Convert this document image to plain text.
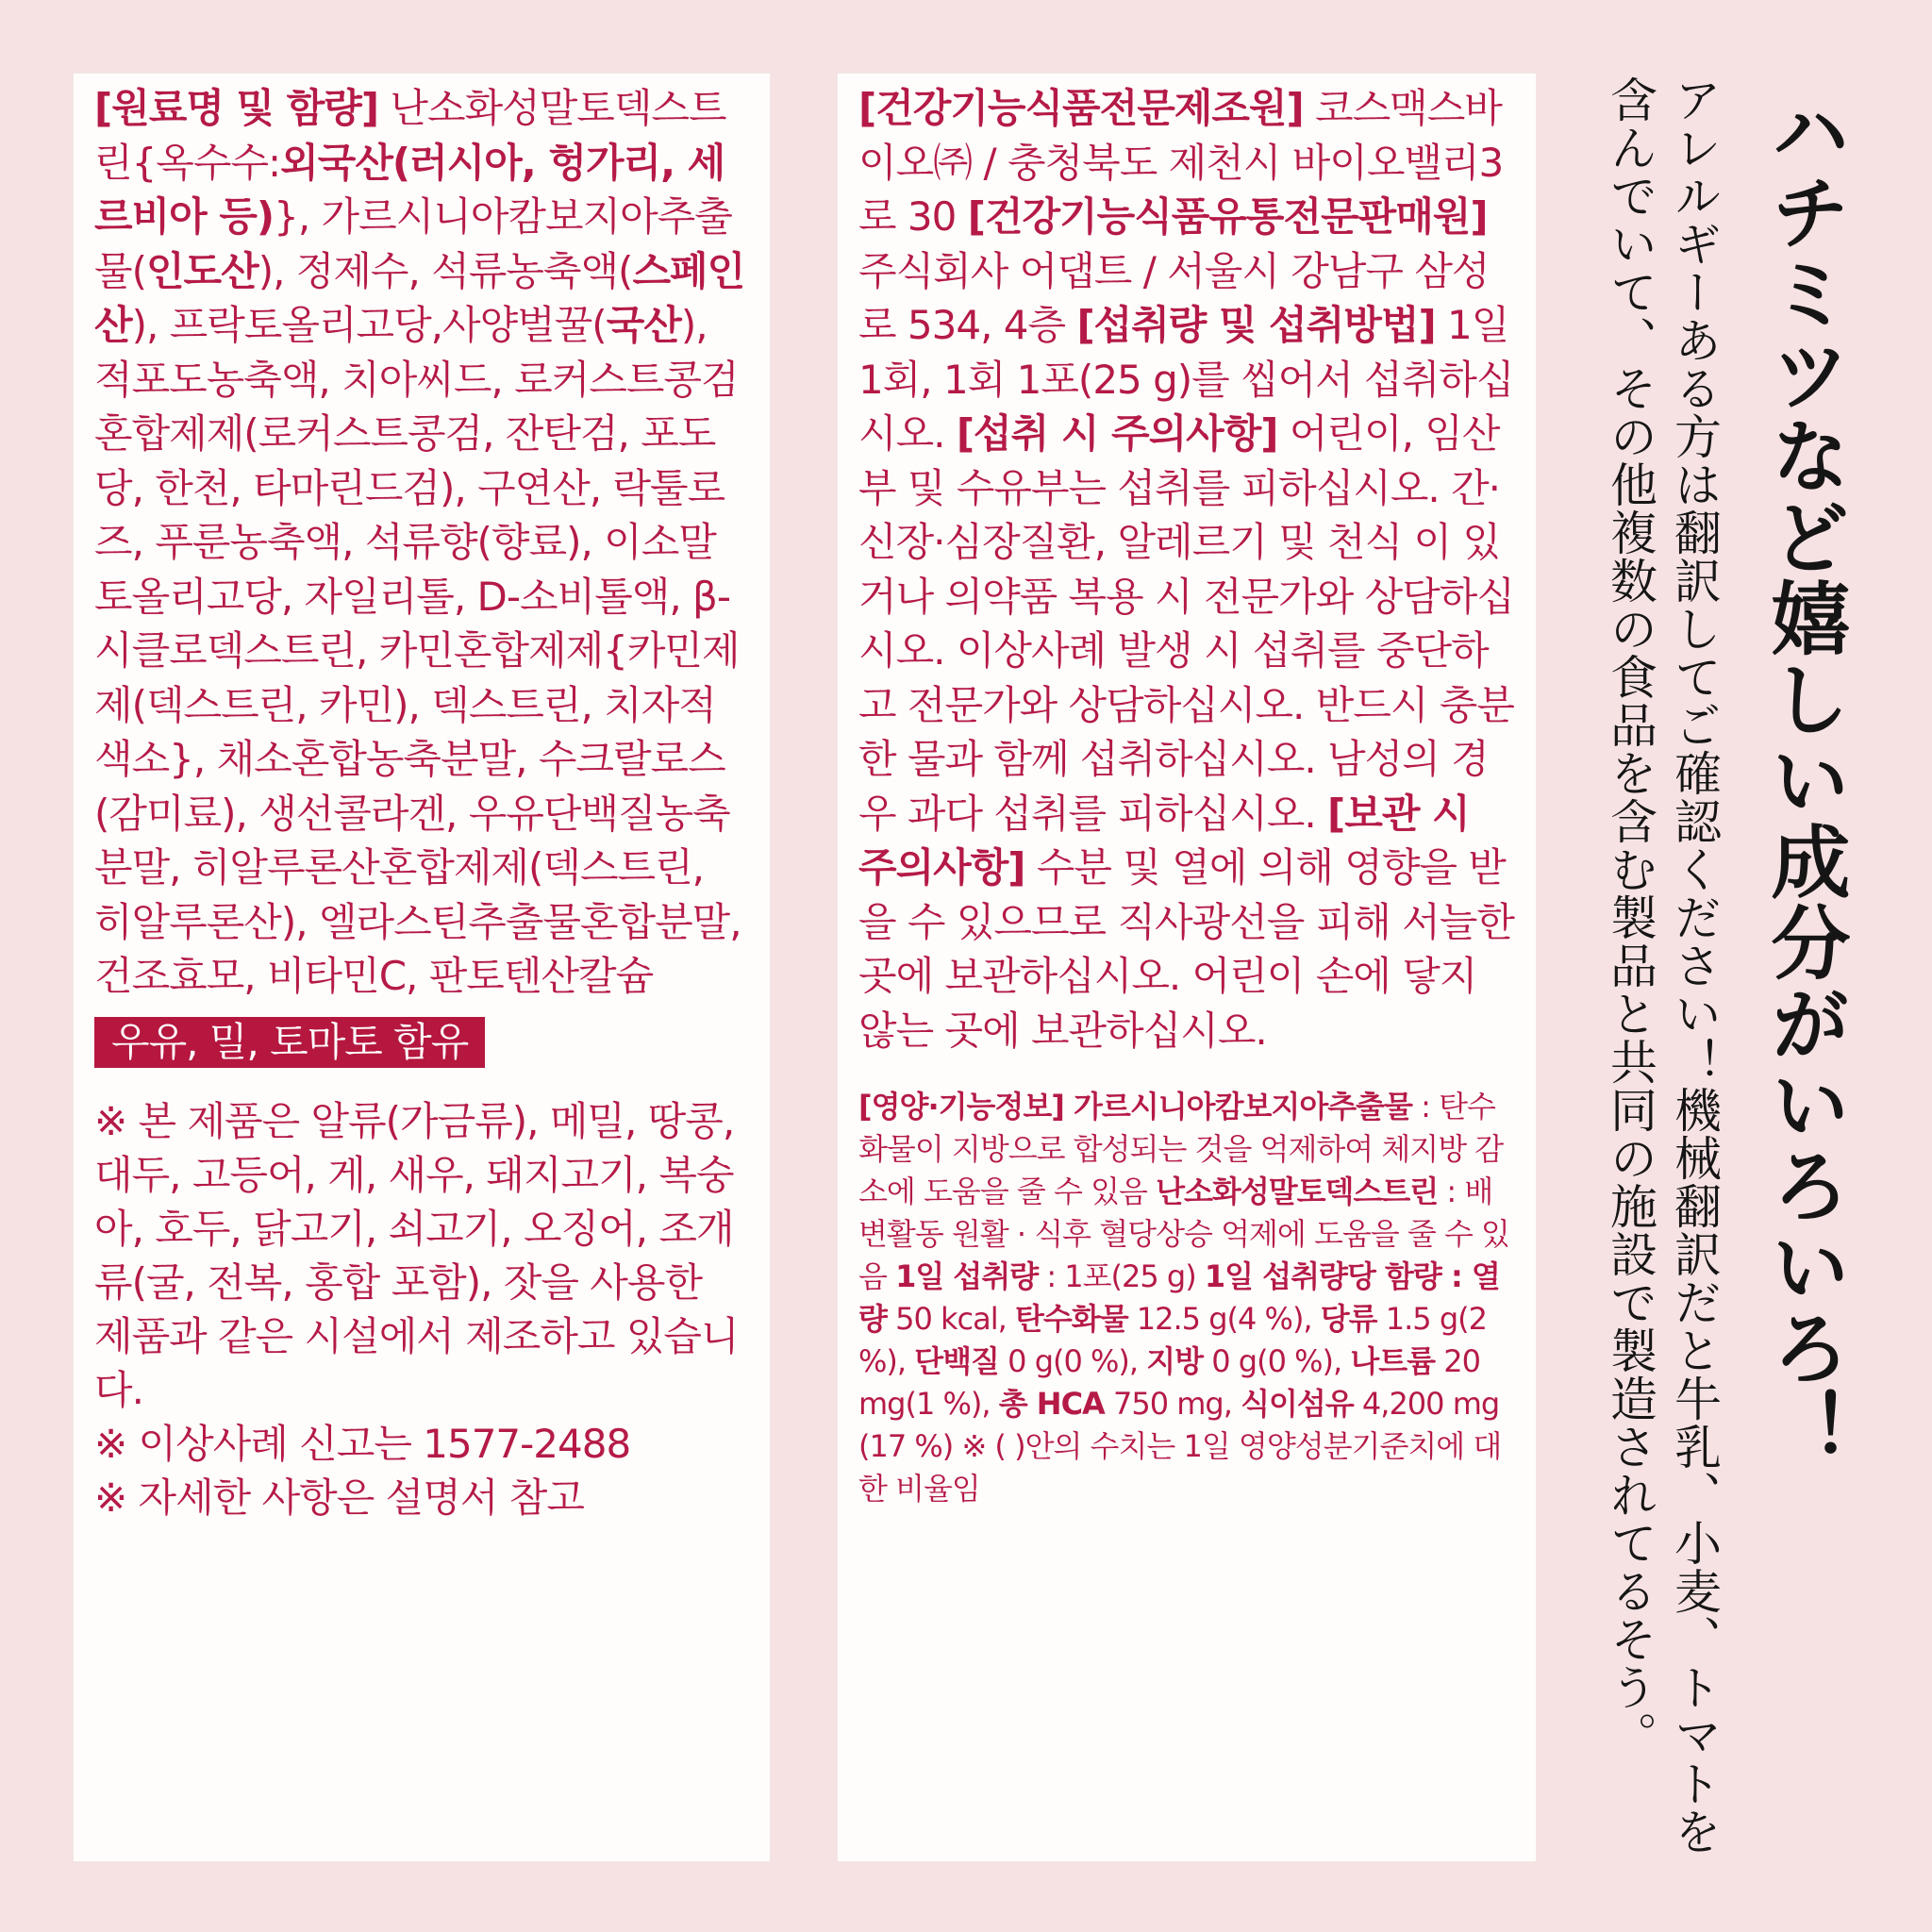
[원료명 및 함량] 난소화성말토덱스트린{옥수수:외국산(러시아, 헝가리, 세르비아 등)}, 가르시니아캄보지아추출물(인도산), 정제수, 석류농축액(스페인산), 프락토올리고당,사양벌꿀(국산), 적포도농축액, 치아씨드, 로커스트콩검혼합제제(로커스트콩검, 잔탄검, 포도당, 한천, 타마린드검), 구연산, 락툴로즈, 푸룬농축액, 석류향(향료), 이소말토올리고당, 자일리톨, D-소비톨액, β-시클로덱스트린, 카민혼합제제{카민제제(덱스트린, 카민), 덱스트린, 치자적색소}, 채소혼합농축분말, 수크랄로스(감미료), 생선콜라겐, 우유단백질농축분말, 히알루론산혼합제제(덱스트린, 히알루론산), 엘라스틴추출물혼합분말, 건조효모, 비타민C, 판토텐산칼슘
우유, 밀, 토마토 함유
※ 본 제품은 알류(가금류), 메밀, 땅콩, 대두, 고등어, 게, 새우, 돼지고기, 복숭아, 호두, 닭고기, 쇠고기, 오징어, 조개류(굴, 전복, 홍합 포함), 잣을 사용한 제품과 같은 시설에서 제조하고 있습니다.
※ 이상사례 신고는 1577-2488
※ 자세한 사항은 설명서 참고
[건강기능식품전문제조원] 코스맥스바이오㈜ / 충청북도 제천시 바이오밸리3로 30 [건강기능식품유통전문판매원] 주식회사 어댑트 / 서울시 강남구 삼성로 534, 4층 [섭취량 및 섭취방법] 1일 1회, 1회 1포(25 g)를 씹어서 섭취하십시오. [섭취 시 주의사항] 어린이, 임산부 및 수유부는 섭취를 피하십시오. 간·신장·심장질환, 알레르기 및 천식 이 있거나 의약품 복용 시 전문가와 상담하십시오. 이상사례 발생 시 섭취를 중단하고 전문가와 상담하십시오. 반드시 충분한 물과 함께 섭취하십시오. 남성의 경우 과다 섭취를 피하십시오. [보관 시 주의사항] 수분 및 열에 의해 영향을 받을 수 있으므로 직사광선을 피해 서늘한 곳에 보관하십시오. 어린이 손에 닿지 않는 곳에 보관하십시오.
[영양·기능정보] 가르시니아캄보지아추출물 : 탄수화물이 지방으로 합성되는 것을 억제하여 체지방 감소에 도움을 줄 수 있음 난소화성말토덱스트린 : 배변활동 원활 · 식후 혈당상승 억제에 도움을 줄 수 있음 1일 섭취량 : 1포(25 g) 1일 섭취량당 함량 : 열량 50 kcal, 탄수화물 12.5 g(4 %), 당류 1.5 g(2 %), 단백질 0 g(0 %), 지방 0 g(0 %), 나트륨 20 mg(1 %), 총 HCA 750 mg, 식이섬유 4,200 mg(17 %) ※ ( )안의 수치는 1일 영양성분기준치에 대한 비율임	アレルギーある方は翻訳してご確認ください！機械翻訳だと牛乳、小麦、トマトを含んでいて、その他複数の食品を含む製品と共同の施設で製造されてるそう。	ハチミツなど嬉しい成分がいろいろ！
